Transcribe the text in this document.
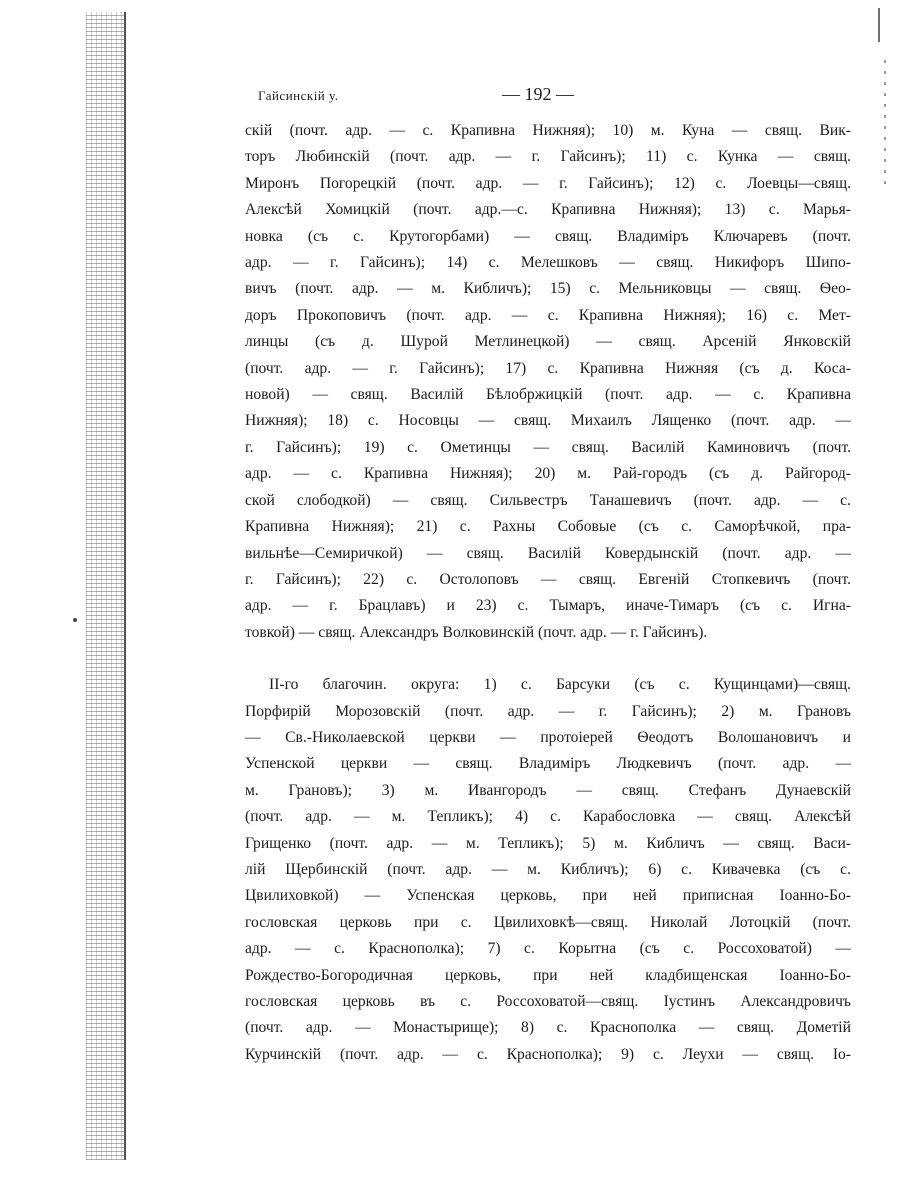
Гайсинскій у.	— 192 —

скій (почт. адр. — с. Крапивна Нижняя); 10) м. Куна — свящ. Вик-
торъ Любинскій (почт. адр. — г. Гайсинъ); 11) с. Кунка — свящ.
Миронъ Погорецкій (почт. адр. — г. Гайсинъ); 12) с. Лоевцы—свящ.
Алексѣй Хомицкій (почт. адр.—с. Крапивна Нижняя); 13) с. Марья-
новка (съ с. Крутогорбами) — свящ. Владиміръ Ключаревъ (почт.
адр. — г. Гайсинъ); 14) с. Мелешковъ — свящ. Никифоръ Шипо-
вичъ (почт. адр. — м. Кибличъ); 15) с. Мельниковцы — свящ. Ѳео-
доръ Прокоповичъ (почт. адр. — с. Крапивна Нижняя); 16) с. Мет-
линцы (съ д. Шурой Метлинецкой) — свящ. Арсеній Янковскій
(почт. адр. — г. Гайсинъ); 17) с. Крапивна Нижняя (съ д. Коса-
новой) — свящ. Василій Бѣлобржицкій (почт. адр. — с. Крапивна
Нижняя); 18) с. Носовцы — свящ. Михаилъ Лященко (почт. адр. —
г. Гайсинъ); 19) с. Ометинцы — свящ. Василій Каминовичъ (почт.
адр. — с. Крапивна Нижняя); 20) м. Рай-городъ (съ д. Райгород-
ской слободкой) — свящ. Сильвестръ Танашевичъ (почт. адр. — с.
Крапивна Нижняя); 21) с. Рахны Собовые (съ с. Саморѣчкой, пра-
вильнѣе—Семиричкой) — свящ. Василій Ковердынскій (почт. адр. —
г. Гайсинъ); 22) с. Остолоповъ — свящ. Евгеній Стопкевичъ (почт.
адр. — г. Брацлавъ) и 23) с. Тымаръ, иначе-Тимаръ (съ с. Игна-
товкой) — свящ. Александръ Волковинскій (почт. адр. — г. Гайсинъ).

II-го благочин. округа: 1) с. Барсуки (съ с. Кущинцами)—свящ.
Порфирій Морозовскій (почт. адр. — г. Гайсинъ); 2) м. Грановъ
— Св.-Николаевской церкви — протоіерей Ѳеодотъ Волошановичъ и
Успенской церкви — свящ. Владиміръ Людкевичъ (почт. адр. —
м. Грановъ); 3) м. Ивангородъ — свящ. Стефанъ Дунаевскій
(почт. адр. — м. Тепликъ); 4) с. Карабословка — свящ. Алексѣй
Грищенко (почт. адр. — м. Тепликъ); 5) м. Кибличъ — свящ. Васи-
лій Щербинскій (почт. адр. — м. Кибличъ); 6) с. Кивачевка (съ с.
Цвилиховкой) — Успенская церковь, при ней приписная Іоанно-Бо-
гословская церковь при с. Цвилиховкѣ—свящ. Николай Лотоцкій (почт.
адр. — с. Краснополка); 7) с. Корытна (съ с. Россоховатой) —
Рождество-Богородичная церковь, при ней кладбищенская Іоанно-Бо-
гословская церковь въ с. Россоховатой—свящ. Іустинъ Александровичъ
(почт. адр. — Монастырище); 8) с. Краснополка — свящ. Дометій
Курчинскій (почт. адр. — с. Краснополка); 9) с. Леухи — свящ. Іо-
